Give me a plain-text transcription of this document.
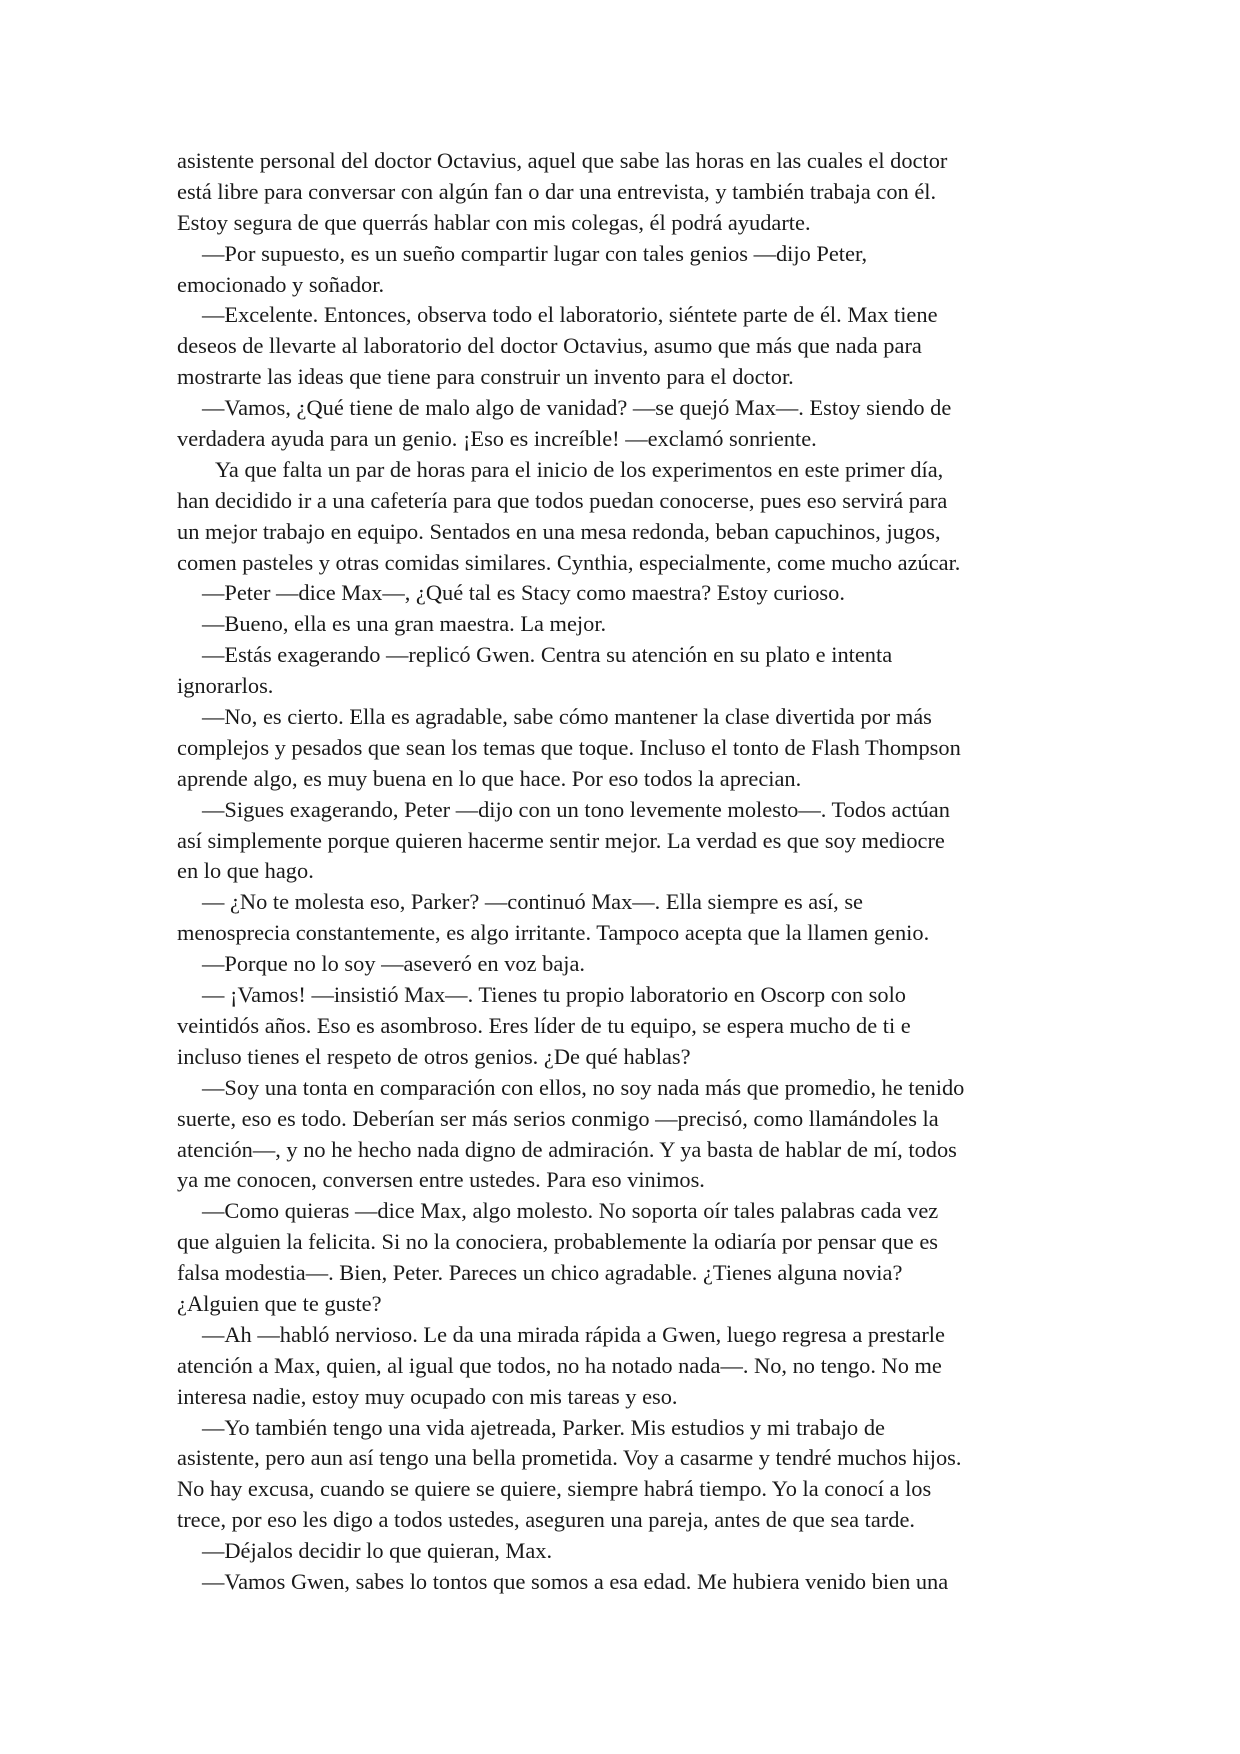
asistente personal del doctor Octavius, aquel que sabe las horas en las cuales el doctor
está libre para conversar con algún fan o dar una entrevista, y también trabaja con él.
Estoy segura de que querrás hablar con mis colegas, él podrá ayudarte.
—Por supuesto, es un sueño compartir lugar con tales genios —dijo Peter,
emocionado y soñador.
—Excelente. Entonces, observa todo el laboratorio, siéntete parte de él. Max tiene
deseos de llevarte al laboratorio del doctor Octavius, asumo que más que nada para
mostrarte las ideas que tiene para construir un invento para el doctor.
—Vamos, ¿Qué tiene de malo algo de vanidad? —se quejó Max—. Estoy siendo de
verdadera ayuda para un genio. ¡Eso es increíble! —exclamó sonriente.
Ya que falta un par de horas para el inicio de los experimentos en este primer día,
han decidido ir a una cafetería para que todos puedan conocerse, pues eso servirá para
un mejor trabajo en equipo. Sentados en una mesa redonda, beban capuchinos, jugos,
comen pasteles y otras comidas similares. Cynthia, especialmente, come mucho azúcar.
—Peter —dice Max—, ¿Qué tal es Stacy como maestra? Estoy curioso.
—Bueno, ella es una gran maestra. La mejor.
—Estás exagerando —replicó Gwen. Centra su atención en su plato e intenta
ignorarlos.
—No, es cierto. Ella es agradable, sabe cómo mantener la clase divertida por más
complejos y pesados que sean los temas que toque. Incluso el tonto de Flash Thompson
aprende algo, es muy buena en lo que hace. Por eso todos la aprecian.
—Sigues exagerando, Peter —dijo con un tono levemente molesto—. Todos actúan
así simplemente porque quieren hacerme sentir mejor. La verdad es que soy mediocre
en lo que hago.
— ¿No te molesta eso, Parker? —continuó Max—. Ella siempre es así, se
menosprecia constantemente, es algo irritante. Tampoco acepta que la llamen genio.
—Porque no lo soy —aseveró en voz baja.
— ¡Vamos! —insistió Max—. Tienes tu propio laboratorio en Oscorp con solo
veintidós años. Eso es asombroso. Eres líder de tu equipo, se espera mucho de ti e
incluso tienes el respeto de otros genios. ¿De qué hablas?
—Soy una tonta en comparación con ellos, no soy nada más que promedio, he tenido
suerte, eso es todo. Deberían ser más serios conmigo —precisó, como llamándoles la
atención—, y no he hecho nada digno de admiración. Y ya basta de hablar de mí, todos
ya me conocen, conversen entre ustedes. Para eso vinimos.
—Como quieras —dice Max, algo molesto. No soporta oír tales palabras cada vez
que alguien la felicita. Si no la conociera, probablemente la odiaría por pensar que es
falsa modestia—. Bien, Peter. Pareces un chico agradable. ¿Tienes alguna novia?
¿Alguien que te guste?
—Ah —habló nervioso. Le da una mirada rápida a Gwen, luego regresa a prestarle
atención a Max, quien, al igual que todos, no ha notado nada—. No, no tengo. No me
interesa nadie, estoy muy ocupado con mis tareas y eso.
—Yo también tengo una vida ajetreada, Parker. Mis estudios y mi trabajo de
asistente, pero aun así tengo una bella prometida. Voy a casarme y tendré muchos hijos.
No hay excusa, cuando se quiere se quiere, siempre habrá tiempo. Yo la conocí a los
trece, por eso les digo a todos ustedes, aseguren una pareja, antes de que sea tarde.
—Déjalos decidir lo que quieran, Max.
—Vamos Gwen, sabes lo tontos que somos a esa edad. Me hubiera venido bien una
